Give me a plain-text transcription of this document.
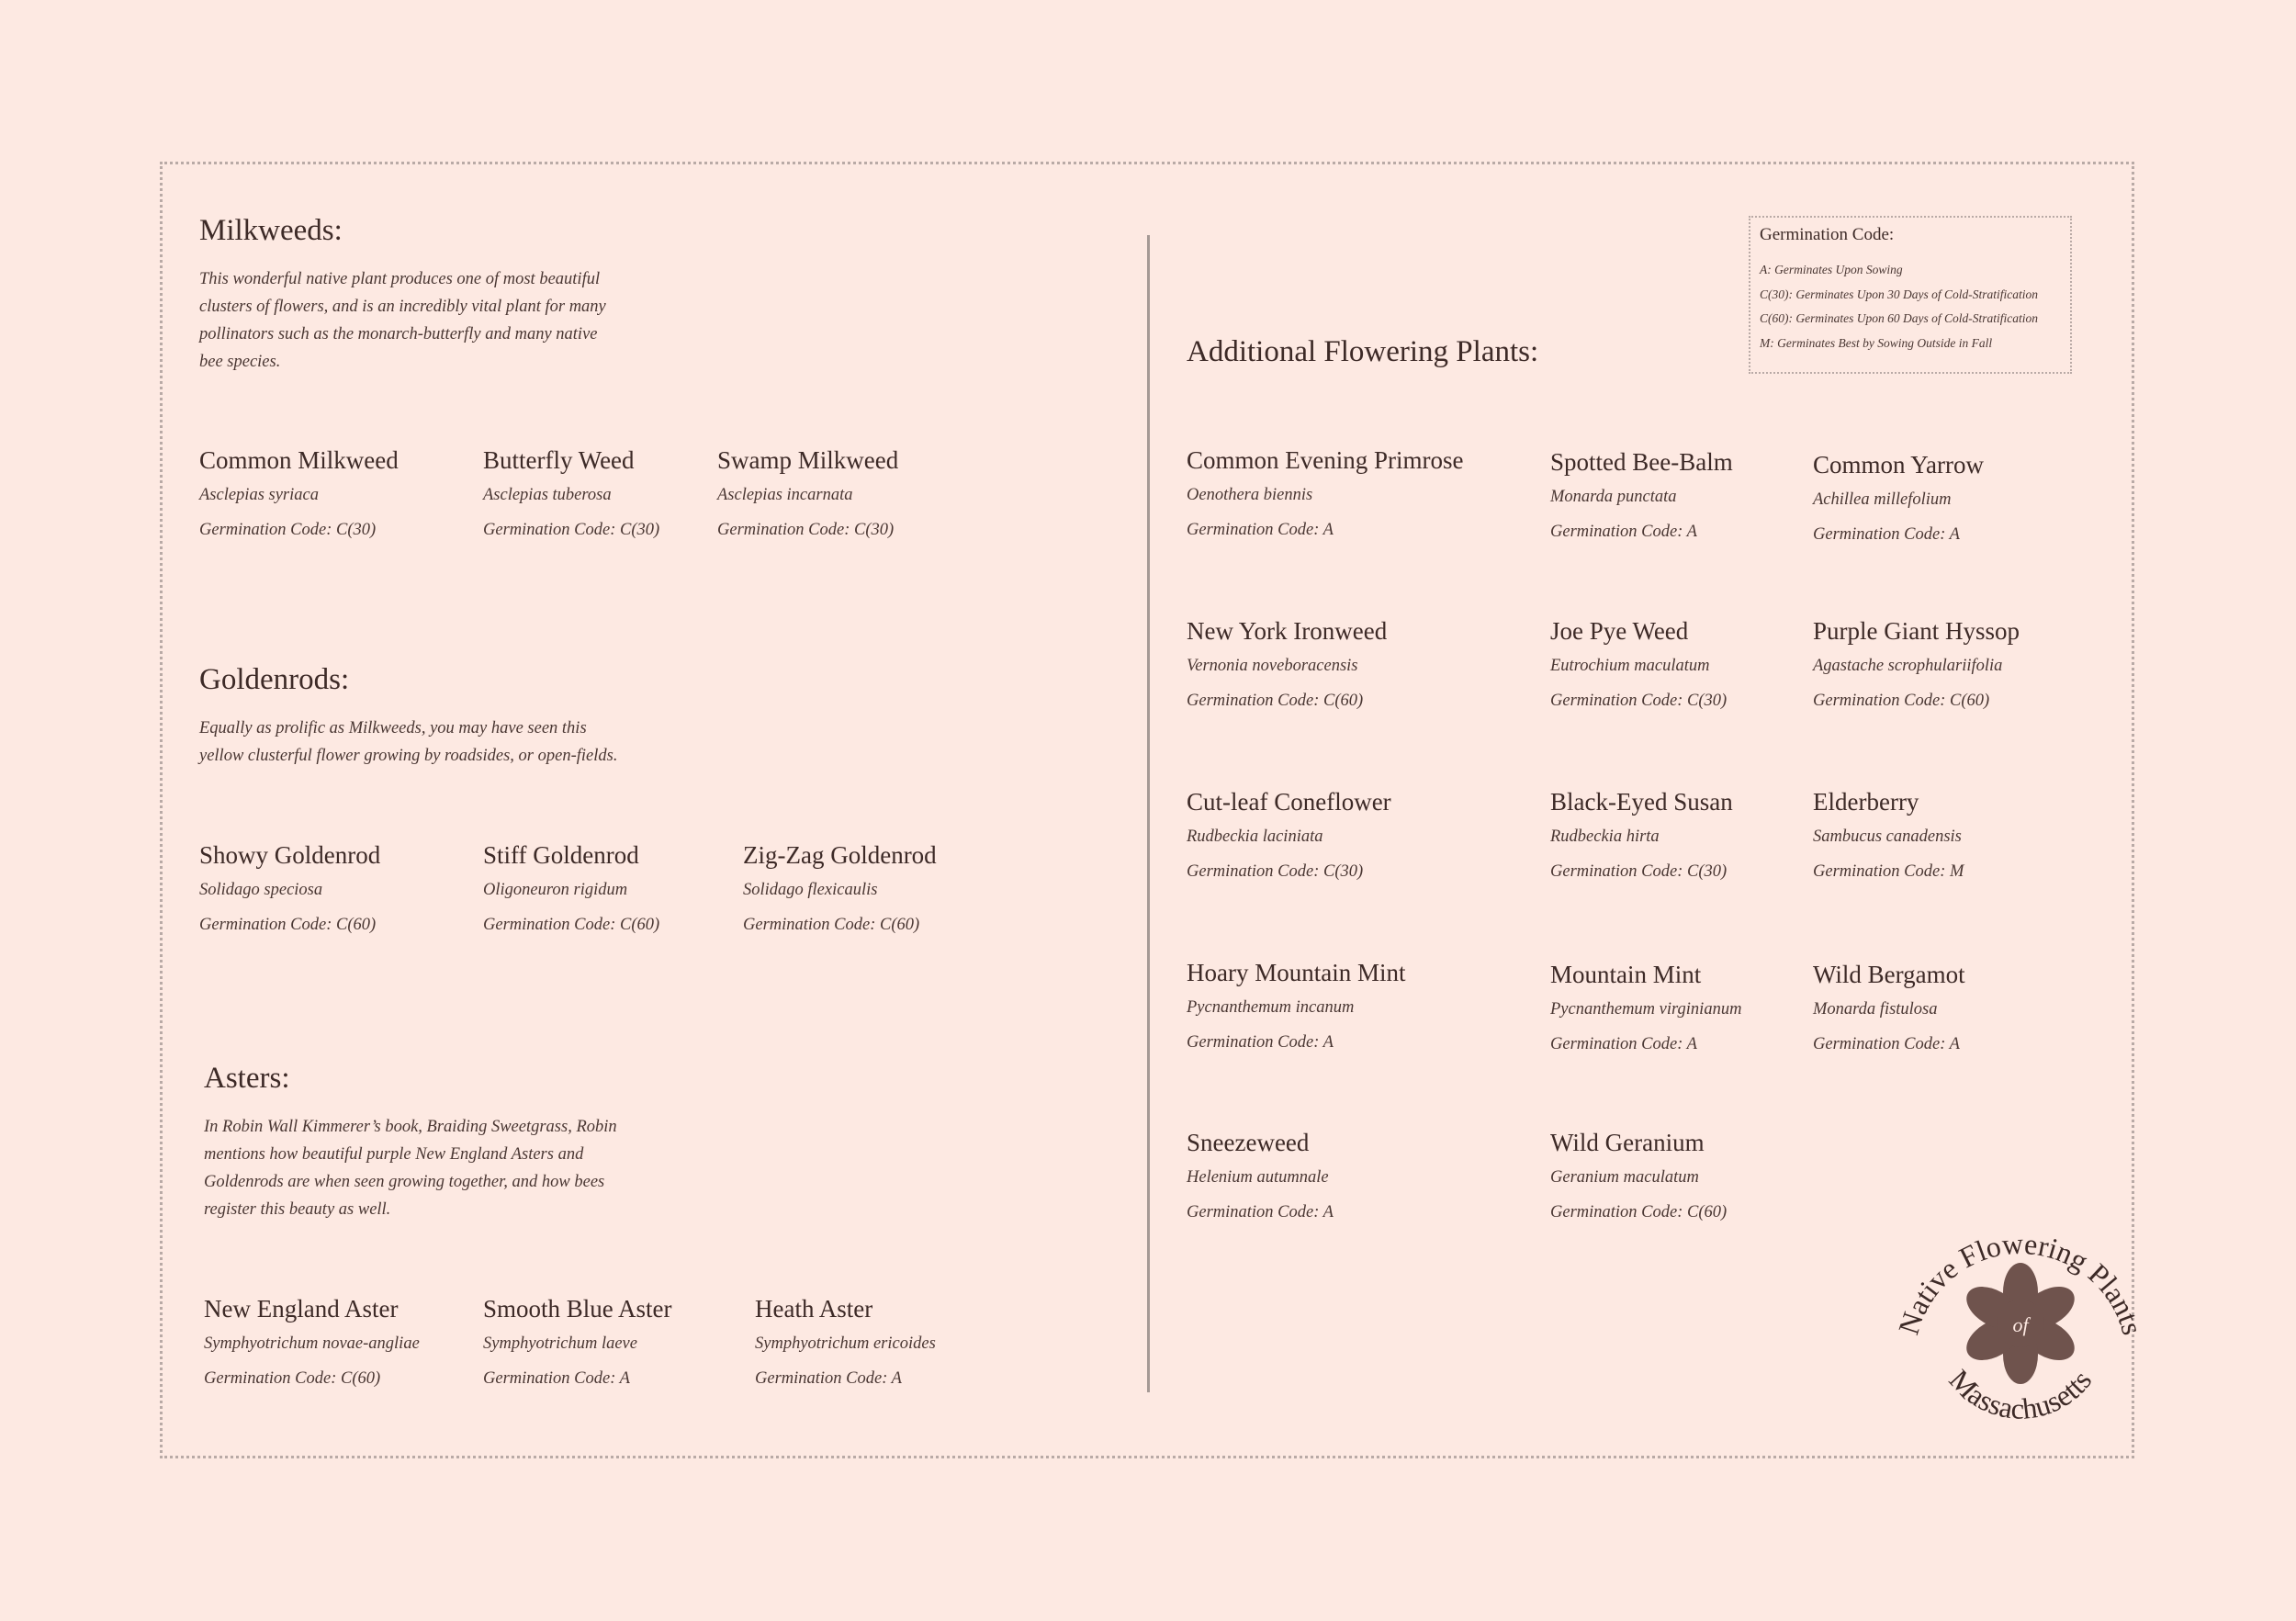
Milkweeds:

This wonderful native plant produces one of most beautiful
clusters of flowers, and is an incredibly vital plant for many
pollinators such as the monarch-butterfly and many native
bee species.

Common Milkweed
Asclepias syriaca
Germination Code: C(30)
Butterfly Weed
Asclepias tuberosa
Germination Code: C(30)
Swamp Milkweed
Asclepias incarnata
Germination Code: C(30)
Goldenrods:

Equally as prolific as Milkweeds, you may have seen this
yellow clusterful flower growing by roadsides, or open-fields.

Showy Goldenrod
Solidago speciosa
Germination Code: C(60)
Stiff Goldenrod
Oligoneuron rigidum
Germination Code: C(60)
Zig-Zag Goldenrod
Solidago flexicaulis
Germination Code: C(60)
Asters:

In Robin Wall Kimmerer’s book, Braiding Sweetgrass, Robin
mentions how beautiful purple New England Asters and
Goldenrods are when seen growing together, and how bees
register this beauty as well.

New England Aster
Symphyotrichum novae-angliae
Germination Code: C(60)
Smooth Blue Aster
Symphyotrichum laeve
Germination Code: A
Heath Aster
Symphyotrichum ericoides
Germination Code: A
Additional Flowering Plants:
Common Evening Primrose
Oenothera biennis
Germination Code: A
Spotted Bee-Balm
Monarda punctata
Germination Code: A
Common Yarrow
Achillea millefolium
Germination Code: A
New York Ironweed
Vernonia noveboracensis
Germination Code: C(60)
Joe Pye Weed
Eutrochium maculatum
Germination Code: C(30)
Purple Giant Hyssop
Agastache scrophulariifolia
Germination Code: C(60)
Cut-leaf Coneflower
Rudbeckia laciniata
Germination Code: C(30)
Black-Eyed Susan
Rudbeckia hirta
Germination Code: C(30)
Elderberry
Sambucus canadensis
Germination Code: M
Hoary Mountain Mint
Pycnanthemum incanum
Germination Code: A
Mountain Mint
Pycnanthemum virginianum
Germination Code: A
Wild Bergamot
Monarda fistulosa
Germination Code: A
Sneezeweed
Helenium autumnale
Germination Code: A
Wild Geranium
Geranium maculatum
Germination Code: C(60)
Germination Code:
A: Germinates Upon Sowing
C(30): Germinates Upon 30 Days of Cold-Stratification
C(60): Germinates Upon 60 Days of Cold-Stratification
M: Germinates Best by Sowing Outside in Fall
Native Flowering Plants
Massachusetts
of
